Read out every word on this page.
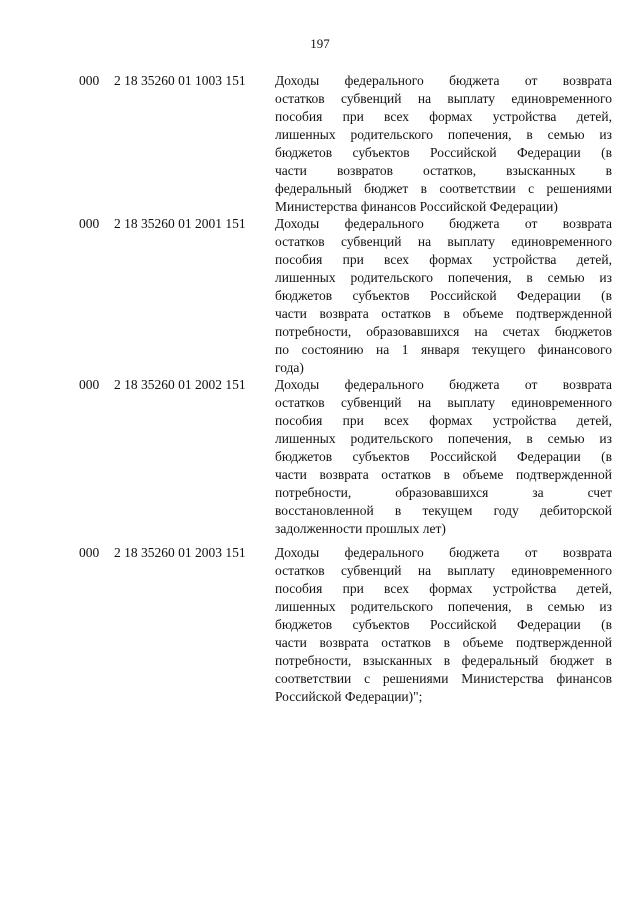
197
000 2 18 35260 01 1003 151 Доходы федерального бюджета от возврата
остатков субвенций на выплату единовременного
пособия при всех формах устройства детей,
лишенных родительского попечения, в семью из
бюджетов субъектов Российской Федерации (в
части возвратов остатков, взысканных в
федеральный бюджет в соответствии с решениями
Министерства финансов Российской Федерации)
000 2 18 35260 01 2001 151 Доходы федерального бюджета от возврата
остатков субвенций на выплату единовременного
пособия при всех формах устройства детей,
лишенных родительского попечения, в семью из
бюджетов субъектов Российской Федерации (в
части возврата остатков в объеме подтвержденной
потребности, образовавшихся на счетах бюджетов
по состоянию на 1 января текущего финансового
года)
000 2 18 35260 01 2002 151 Доходы федерального бюджета от возврата
остатков субвенций на выплату единовременного
пособия при всех формах устройства детей,
лишенных родительского попечения, в семью из
бюджетов субъектов Российской Федерации (в
части возврата остатков в объеме подтвержденной
потребности, образовавшихся за счет
восстановленной в текущем году дебиторской
задолженности прошлых лет)
000 2 18 35260 01 2003 151 Доходы федерального бюджета от возврата
остатков субвенций на выплату единовременного
пособия при всех формах устройства детей,
лишенных родительского попечения, в семью из
бюджетов субъектов Российской Федерации (в
части возврата остатков в объеме подтвержденной
потребности, взысканных в федеральный бюджет в
соответствии с решениями Министерства финансов
Российской Федерации)";
